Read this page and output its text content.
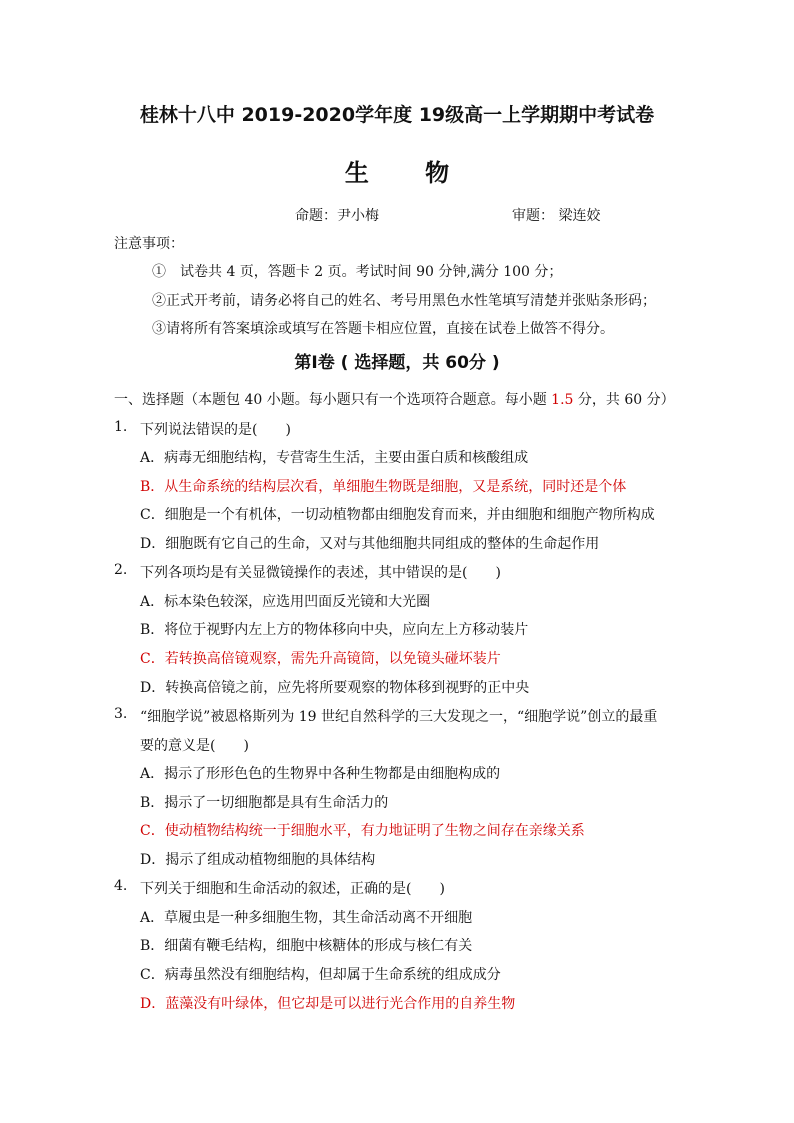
桂林十八中 2019-2020学年度 19级高一上学期期中考试卷
生 物
命题：尹小梅	审题： 梁连姣
注意事项：
①　试卷共 4 页，答题卡 2 页。考试时间 90 分钟,满分 100 分；
②正式开考前，请务必将自己的姓名、考号用黑色水性笔填写清楚并张贴条形码；
③请将所有答案填涂或填写在答题卡相应位置，直接在试卷上做答不得分。
第I卷 ( 选择题，共 60分 )
一、选择题（本题包 40 小题。每小题只有一个选项符合题意。每小题 1.5 分，共 60 分）
1. 下列说法错误的是(　　)
A．病毒无细胞结构，专营寄生生活，主要由蛋白质和核酸组成
B．从生命系统的结构层次看，单细胞生物既是细胞，又是系统，同时还是个体
C．细胞是一个有机体，一切动植物都由细胞发育而来，并由细胞和细胞产物所构成
D．细胞既有它自己的生命，又对与其他细胞共同组成的整体的生命起作用
2. 下列各项均是有关显微镜操作的表述，其中错误的是(　　)
A．标本染色较深，应选用凹面反光镜和大光圈
B．将位于视野内左上方的物体移向中央，应向左上方移动装片
C．若转换高倍镜观察，需先升高镜筒，以免镜头碰坏装片
D．转换高倍镜之前，应先将所要观察的物体移到视野的正中央
3. “细胞学说”被恩格斯列为 19 世纪自然科学的三大发现之一，“细胞学说”创立的最重
要的意义是(　　)
A．揭示了形形色色的生物界中各种生物都是由细胞构成的
B．揭示了一切细胞都是具有生命活力的
C．使动植物结构统一于细胞水平，有力地证明了生物之间存在亲缘关系
D．揭示了组成动植物细胞的具体结构
4. 下列关于细胞和生命活动的叙述，正确的是(　　)
A．草履虫是一种多细胞生物，其生命活动离不开细胞
B．细菌有鞭毛结构，细胞中核糖体的形成与核仁有关
C．病毒虽然没有细胞结构，但却属于生命系统的组成成分
D．蓝藻没有叶绿体，但它却是可以进行光合作用的自养生物
